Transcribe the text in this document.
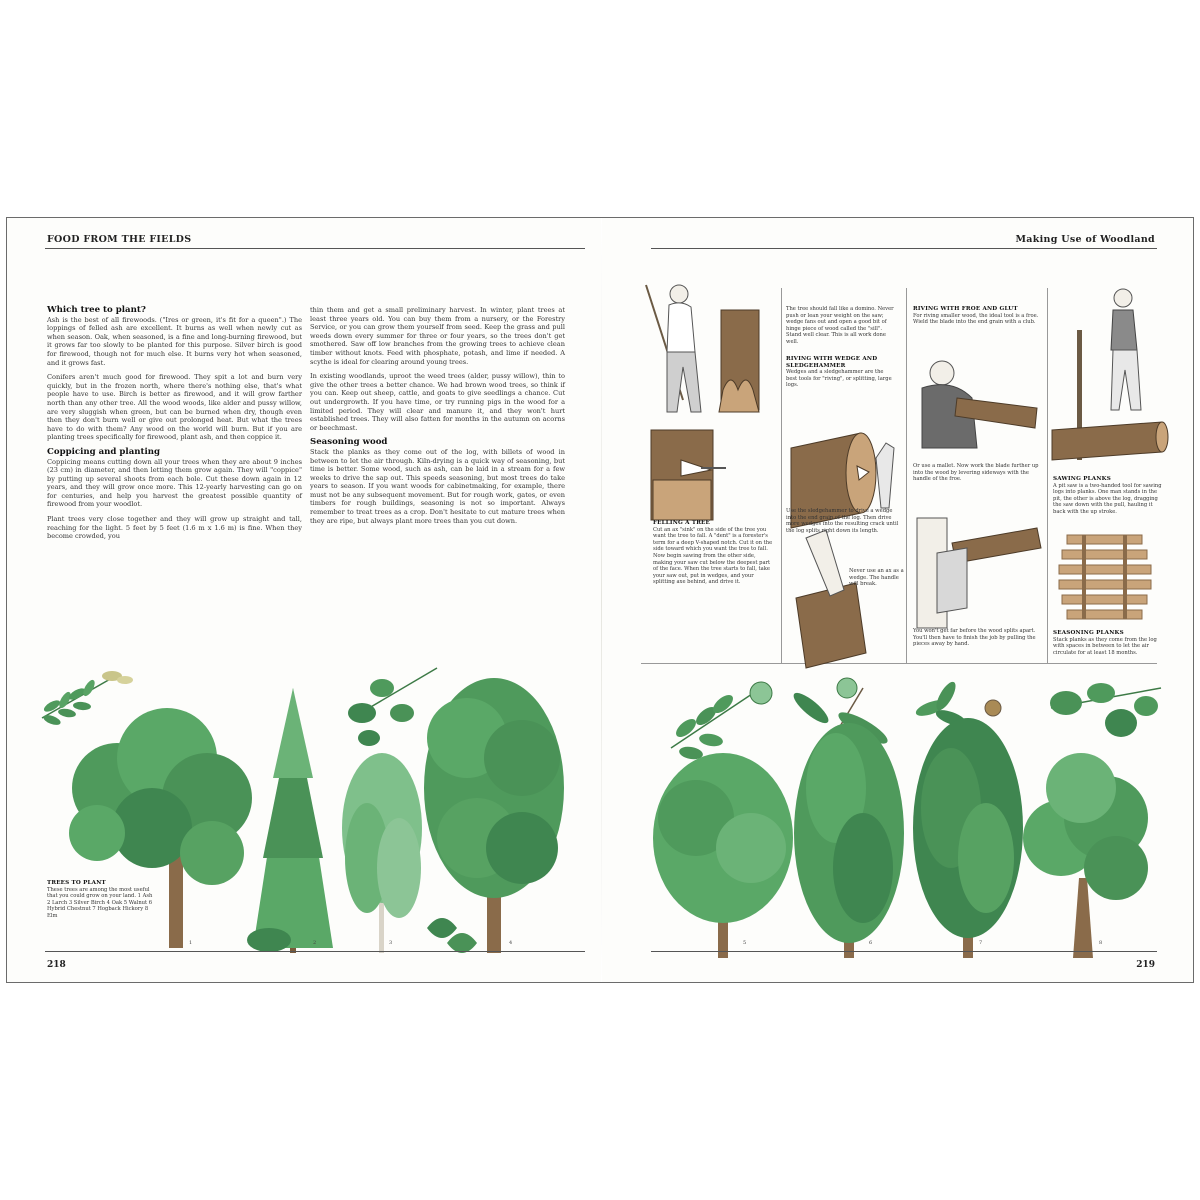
FOOD FROM THE FIELDS
Which tree to plant?

Ash is the best of all firewoods. ("Ires or green, it's fit for a queen".) The loppings of felled ash are excellent. It burns as well when newly cut as when season. Oak, when seasoned, is a fine and long-burning firewood, but it grows far too slowly to be planted for this purpose. Silver birch is good for firewood, though not for much else. It burns very hot when seasoned, and it grows fast.

Conifers aren't much good for firewood. They spit a lot and burn very quickly, but in the frozen north, where there's nothing else, that's what people have to use. Birch is better as firewood, and it will grow farther north than any other tree. All the wood woods, like alder and pussy willow, are very sluggish when green, but can be burned when dry, though even then they don't burn well or give out prolonged heat. But what the trees have to do with them? Any wood on the world will burn. But if you are planting trees specifically for firewood, plant ash, and then coppice it.

Coppicing and planting

Coppicing means cutting down all your trees when they are about 9 inches (23 cm) in diameter, and then letting them grow again. They will "coppice" by putting up several shoots from each bole. Cut these down again in 12 years, and they will grow once more. This 12-yearly harvesting can go on for centuries, and help you harvest the greatest possible quantity of firewood from your woodlot.

Plant trees very close together and they will grow up straight and tall, reaching for the light. 5 feet by 5 feet (1.6 m x 1.6 m) is fine. When they become crowded, you

thin them and get a small preliminary harvest. In winter, plant trees at least three years old. You can buy them from a nursery, or the Forestry Service, or you can grow them yourself from seed. Keep the grass and pull weeds down every summer for three or four years, so the trees don't get smothered. Saw off low branches from the growing trees to achieve clean timber without knots. Feed with phosphate, potash, and lime if needed. A scythe is ideal for clearing around young trees.

In existing woodlands, uproot the weed trees (alder, pussy willow), thin to give the other trees a better chance. We had brown wood trees, so think if you can. Keep out sheep, cattle, and goats to give seedlings a chance. Cut out undergrowth. If you have time, or try running pigs in the wood for a limited period. They will clear and manure it, and they won't hurt established trees. They will also fatten for months in the autumn on acorns or beechmast.

Seasoning wood

Stack the planks as they come out of the log, with billets of wood in between to let the air through. Kiln-drying is a quick way of seasoning, but time is better. Some wood, such as ash, can be laid in a stream for a few weeks to drive the sap out. This speeds seasoning, but most trees do take years to season. If you want woods for cabinetmaking, for example, there must not be any subsequent movement. But for rough work, gates, or even timbers for rough buildings, seasoning is not so important. Always remember to treat trees as a crop. Don't hesitate to cut mature trees when they are ripe, but always plant more trees than you cut down.

TREES TO PLANT
These trees are among the most useful that you could grow on your land. 1 Ash 2 Larch 3 Silver Birch 4 Oak 5 Walnut 6 Hybrid Chestnut 7 Hogback Hickory 8 Elm
1	2	3	4
218
Making Use of Woodland
FELLING A TREE
Cut an ax "sink" on the side of the tree you want the tree to fall. A "dent" is a forester's term for a deep V-shaped notch. Cut it on the side toward which you want the tree to fall. Now begin sawing from the other side, making your saw cut below the deepest part of the face. When the tree starts to fall, take your saw out, put in wedges, and your splitting axe behind, and drive it.
The tree should fall like a domino. Never push or lean your weight on the saw; wedge fans out and open a good bit of hinge piece of wood called the "sill". Stand well clear. This is all work done well.
RIVING WITH WEDGE AND SLEDGEHAMMER
Wedges and a sledgehammer are the best tools for "riving", or splitting, large logs.
Use the sledgehammer to drive a wedge into the end grain of the log. Then drive more wedges into the resulting crack until the log splits right down its length.
Never use an ax as a wedge. The handle will break.
RIVING WITH FROE AND GLUT
For riving smaller wood, the ideal tool is a froe. Wield the blade into the end grain with a club.
Or use a mallet. Now work the blade further up into the wood by levering sideways with the handle of the froe.
You won't get far before the wood splits apart. You'll then have to finish the job by pulling the pieces away by hand.
SAWING PLANKS
A pit saw is a two-handed tool for sawing logs into planks. One man stands in the pit, the other is above the log, dragging the saw down with the pull, hauling it back with the up stroke.
SEASONING PLANKS
Stack planks as they come from the log with spaces in between to let the air circulate for at least 18 months.
5	6	7	8
219
